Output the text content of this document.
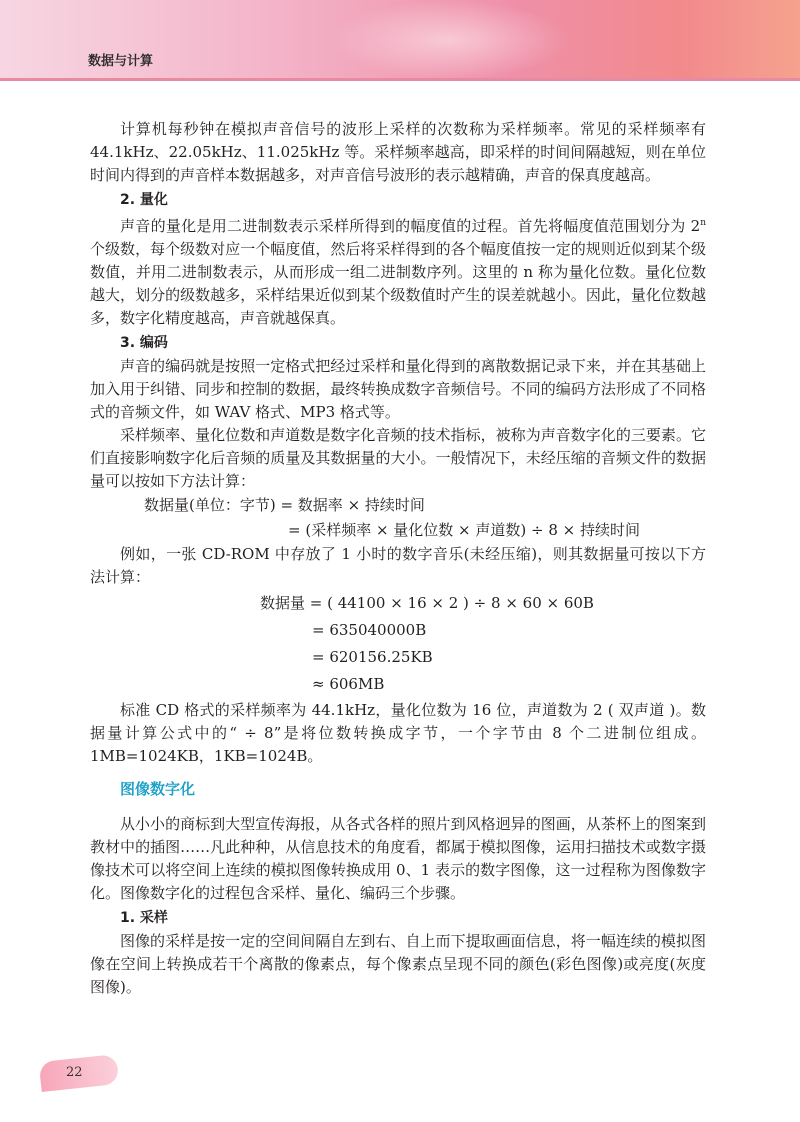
数据与计算

计算机每秒钟在模拟声音信号的波形上采样的次数称为采样频率。常见的采样频率有44.1kHz、22.05kHz、11.025kHz 等。采样频率越高，即采样的时间间隔越短，则在单位时间内得到的声音样本数据越多，对声音信号波形的表示越精确，声音的保真度越高。

2. 量化

声音的量化是用二进制数表示采样所得到的幅度值的过程。首先将幅度值范围划分为 2$^n$ 个级数，每个级数对应一个幅度值，然后将采样得到的各个幅度值按一定的规则近似到某个级数值，并用二进制数表示，从而形成一组二进制数序列。这里的 n 称为量化位数。量化位数越大，划分的级数越多，采样结果近似到某个级数值时产生的误差就越小。因此，量化位数越多，数字化精度越高，声音就越保真。

3. 编码

声音的编码就是按照一定格式把经过采样和量化得到的离散数据记录下来，并在其基础上加入用于纠错、同步和控制的数据，最终转换成数字音频信号。不同的编码方法形成了不同格式的音频文件，如 WAV 格式、MP3 格式等。

采样频率、量化位数和声道数是数字化音频的技术指标，被称为声音数字化的三要素。它们直接影响数字化后音频的质量及其数据量的大小。一般情况下，未经压缩的音频文件的数据量可以按如下方法计算：

数据量(单位：字节) = 数据率 × 持续时间
= (采样频率 × 量化位数 × 声道数) ÷ 8 × 持续时间

例如，一张 CD-ROM 中存放了 1 小时的数字音乐(未经压缩)，则其数据量可按以下方法计算：

数据量 = ( 44100 × 16 × 2 ) ÷ 8 × 60 × 60B
= 635040000B
= 620156.25KB
≈ 606MB

标准 CD 格式的采样频率为 44.1kHz，量化位数为 16 位，声道数为 2 ( 双声道 )。数据量计算公式中的“ ÷ 8”是将位数转换成字节，一个字节由 8 个二进制位组成。1MB=1024KB，1KB=1024B。

图像数字化

从小小的商标到大型宣传海报，从各式各样的照片到风格迥异的图画，从茶杯上的图案到教材中的插图……凡此种种，从信息技术的角度看，都属于模拟图像，运用扫描技术或数字摄像技术可以将空间上连续的模拟图像转换成用 0、1 表示的数字图像，这一过程称为图像数字化。图像数字化的过程包含采样、量化、编码三个步骤。

1. 采样

图像的采样是按一定的空间间隔自左到右、自上而下提取画面信息，将一幅连续的模拟图像在空间上转换成若干个离散的像素点，每个像素点呈现不同的颜色(彩色图像)或亮度(灰度图像)。

22
